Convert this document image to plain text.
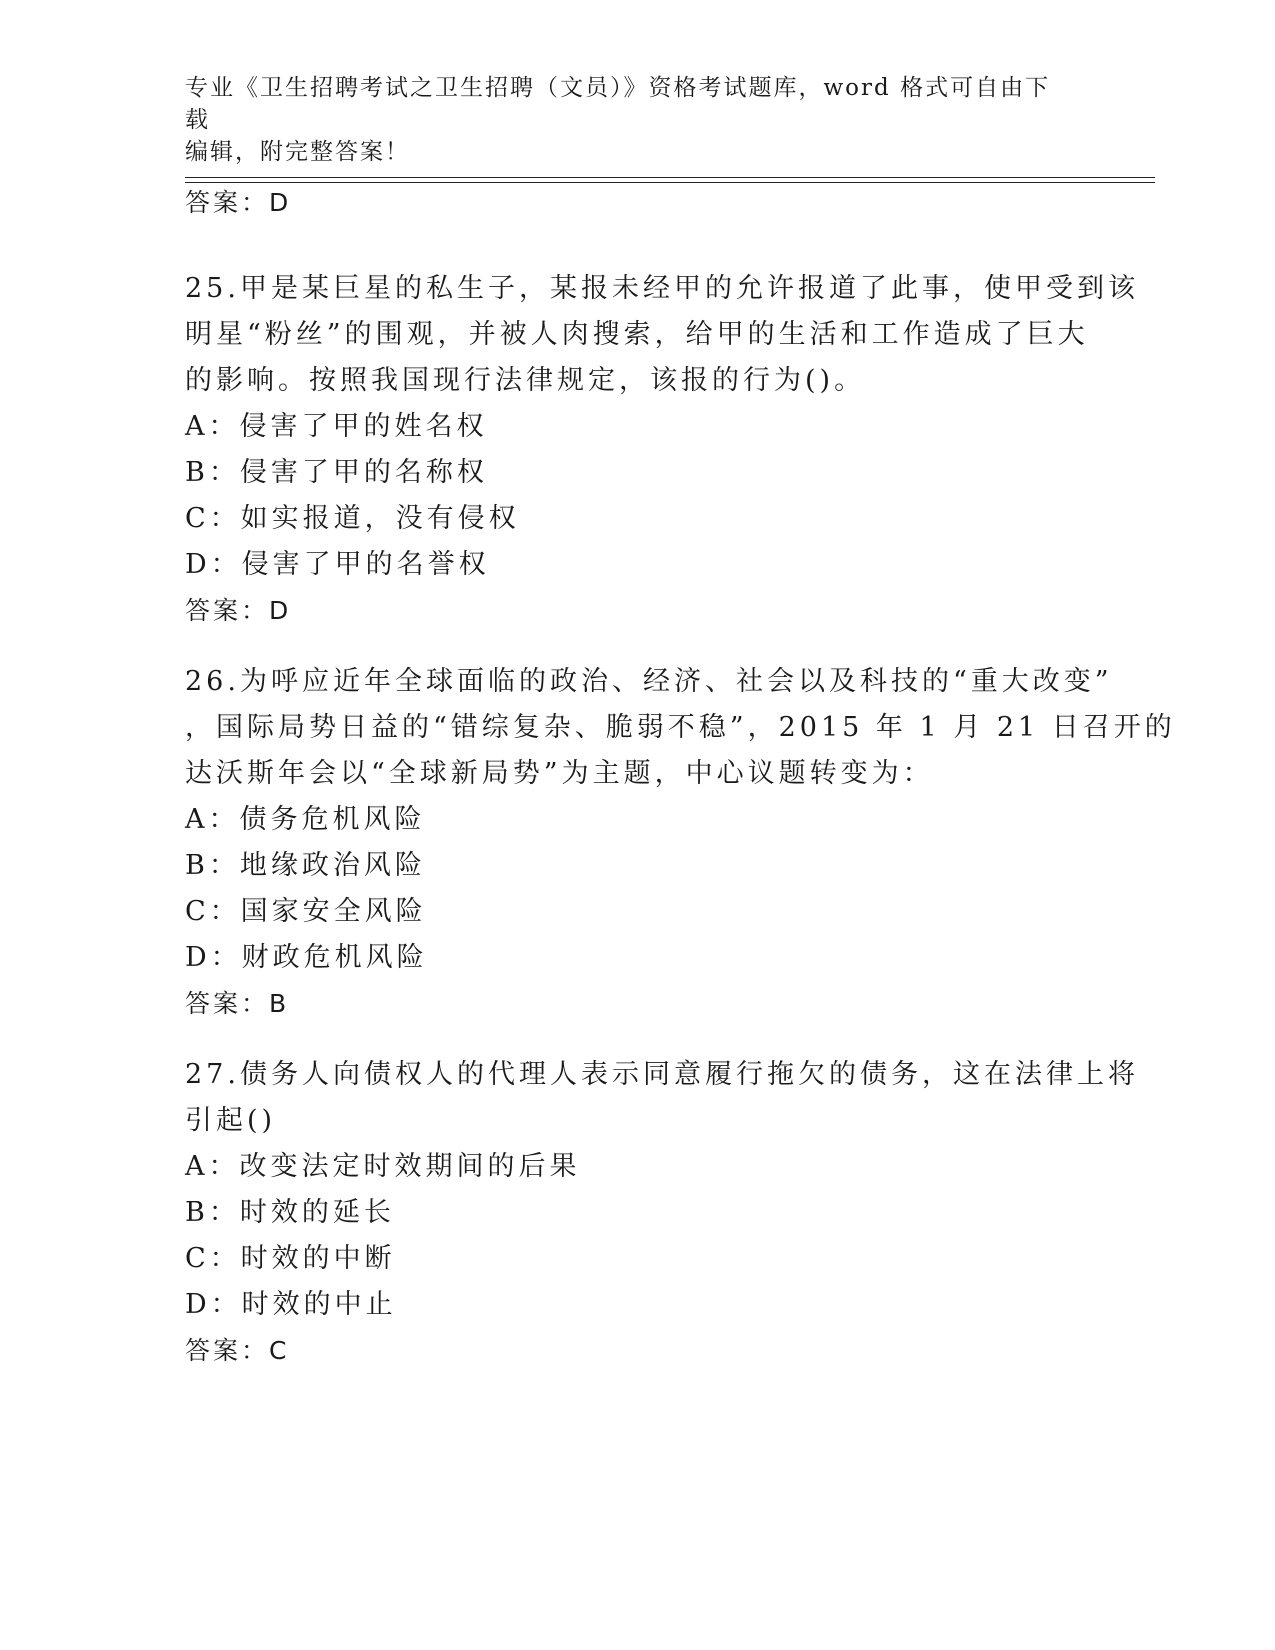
专业《卫生招聘考试之卫生招聘（文员）》资格考试题库，word 格式可自由下载
编辑，附完整答案！
答案：D
25.甲是某巨星的私生子，某报未经甲的允许报道了此事，使甲受到该
明星“粉丝”的围观，并被人肉搜索，给甲的生活和工作造成了巨大
的影响。按照我国现行法律规定，该报的行为()。
A：侵害了甲的姓名权
B：侵害了甲的名称权
C：如实报道，没有侵权
D：侵害了甲的名誉权
答案：D
26.为呼应近年全球面临的政治、经济、社会以及科技的“重大改变”
，国际局势日益的“错综复杂、脆弱不稳”，2015 年 1 月 21 日召开的
达沃斯年会以“全球新局势”为主题，中心议题转变为：
A：债务危机风险
B：地缘政治风险
C：国家安全风险
D：财政危机风险
答案：B
27.债务人向债权人的代理人表示同意履行拖欠的债务，这在法律上将
引起()
A：改变法定时效期间的后果
B：时效的延长
C：时效的中断
D：时效的中止
答案：C
